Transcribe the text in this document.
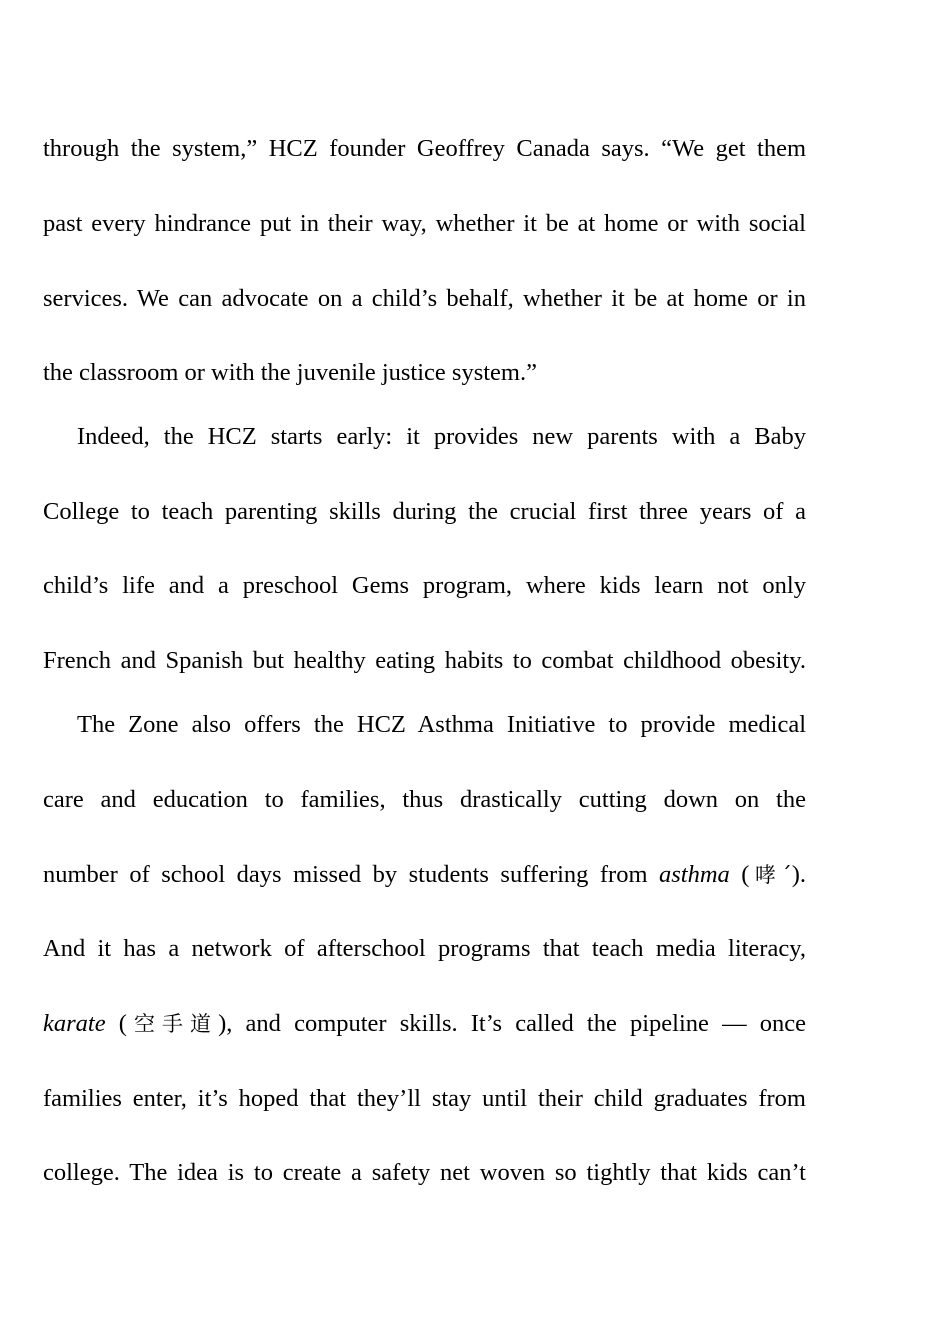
through the system,” HCZ founder Geoffrey Canada says. “We get them

past every hindrance put in their way, whether it be at home or with social

services. We can advocate on a child’s behalf, whether it be at home or in

the classroom or with the juvenile justice system.”

Indeed, the HCZ starts early: it provides new parents with a Baby

College to teach parenting skills during the crucial first three years of a

child’s life and a preschool Gems program, where kids learn not only

French and Spanish but healthy eating habits to combat childhood obesity.

The Zone also offers the HCZ Asthma Initiative to provide medical

care and education to families, thus drastically cutting down on the

number of school days missed by students suffering from asthma (哮´).

And it has a network of afterschool programs that teach media literacy,

karate (空手道), and computer skills. It’s called the pipeline — once

families enter, it’s hoped that they’ll stay until their child graduates from

college. The idea is to create a safety net woven so tightly that kids can’t
